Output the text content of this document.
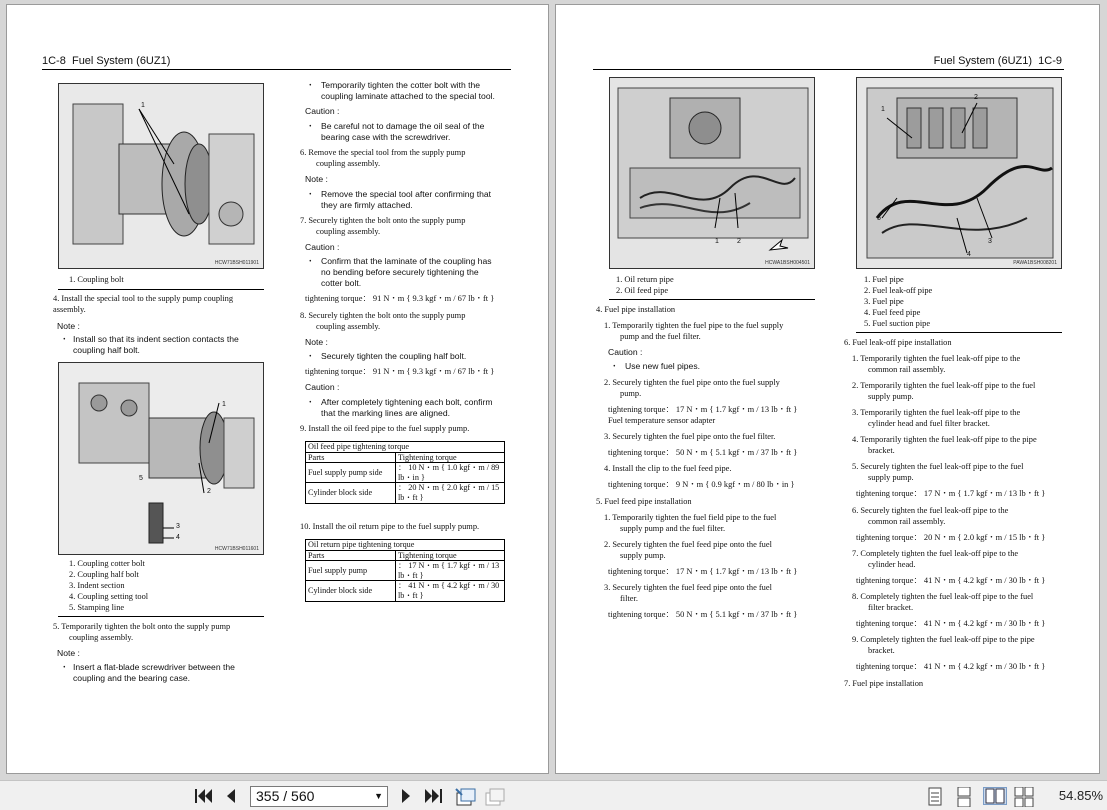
1C-8 Fuel System (6UZ1)
1
HCW71BSH011901
1. Coupling bolt
4. Install the special tool to the supply pump coupling assembly.
Note :
・ Install so that its indent section contacts the
coupling half bolt.
1
2
3
4
5
HCW71BSH011601
1. Coupling cotter bolt
2. Coupling half bolt
3. Indent section
4. Coupling setting tool
5. Stamping line
5. Temporarily tighten the bolt onto the supply pump
coupling assembly.
Note :
・ Insert a flat-blade screwdriver between the
coupling and the bearing case.
・ Temporarily tighten the cotter bolt with the
coupling laminate attached to the special tool.
Caution :
・ Be careful not to damage the oil seal of the
bearing case with the screwdriver.
6. Remove the special tool from the supply pump
coupling assembly.
Note :
・ Remove the special tool after confirming that
they are firmly attached.
7. Securely tighten the bolt onto the supply pump
coupling assembly.
Caution :
・ Confirm that the laminate of the coupling has
no bending before securely tightening the
cotter bolt.
tightening torque： 91 N・m { 9.3 kgf・m / 67 lb・ft }
8. Securely tighten the bolt onto the supply pump
coupling assembly.
Note :
・ Securely tighten the coupling half bolt.
tightening torque： 91 N・m { 9.3 kgf・m / 67 lb・ft }
Caution :
・ After completely tightening each bolt, confirm
that the marking lines are aligned.
9. Install the oil feed pipe to the fuel supply pump.
Oil feed pipe tightening torque	
Parts	Tightening torque
Fuel supply pump side	： 10 N・m { 1.0 kgf・m / 89 lb・in }
Cylinder block side	： 20 N・m { 2.0 kgf・m / 15 lb・ft }
10. Install the oil return pipe to the fuel supply pump.
Oil return pipe tightening torque	
Parts	Tightening torque
Fuel supply pump	： 17 N・m { 1.7 kgf・m / 13 lb・ft }
Cylinder block side	： 41 N・m { 4.2 kgf・m / 30 lb・ft }
Fuel System (6UZ1) 1C-9
1	2
HCWA1BSH004501
1. Oil return pipe
2. Oil feed pipe
4. Fuel pipe installation
1. Temporarily tighten the fuel pipe to the fuel supply
pump and the fuel filter.
Caution :
・ Use new fuel pipes.
2. Securely tighten the fuel pipe onto the fuel supply
pump.
tightening torque： 17 N・m { 1.7 kgf・m / 13 lb・ft }
Fuel temperature sensor adapter
3. Securely tighten the fuel pipe onto the fuel filter.
tightening torque： 50 N・m { 5.1 kgf・m / 37 lb・ft }
4. Install the clip to the fuel feed pipe.
tightening torque： 9 N・m { 0.9 kgf・m / 80 lb・in }
5. Fuel feed pipe installation
1. Temporarily tighten the fuel field pipe to the fuel
supply pump and the fuel filter.
2. Securely tighten the fuel feed pipe onto the fuel
supply pump.
tightening torque： 17 N・m { 1.7 kgf・m / 13 lb・ft }
3. Securely tighten the fuel feed pipe onto the fuel
filter.
tightening torque： 50 N・m { 5.1 kgf・m / 37 lb・ft }
1
2
3
4
5
PAWA1BSH008201
1. Fuel pipe
2. Fuel leak-off pipe
3. Fuel pipe
4. Fuel feed pipe
5. Fuel suction pipe
6. Fuel leak-off pipe installation
1. Temporarily tighten the fuel leak-off pipe to the
common rail assembly.
2. Temporarily tighten the fuel leak-off pipe to the fuel
supply pump.
3. Temporarily tighten the fuel leak-off pipe to the
cylinder head and fuel filter bracket.
4. Temporarily tighten the fuel leak-off pipe to the pipe
bracket.
5. Securely tighten the fuel leak-off pipe to the fuel
supply pump.
tightening torque： 17 N・m { 1.7 kgf・m / 13 lb・ft }
6. Securely tighten the fuel leak-off pipe to the
common rail assembly.
tightening torque： 20 N・m { 2.0 kgf・m / 15 lb・ft }
7. Completely tighten the fuel leak-off pipe to the
cylinder head.
tightening torque： 41 N・m { 4.2 kgf・m / 30 lb・ft }
8. Completely tighten the fuel leak-off pipe to the fuel
filter bracket.
tightening torque： 41 N・m { 4.2 kgf・m / 30 lb・ft }
9. Completely tighten the fuel leak-off pipe to the pipe
bracket.
tightening torque： 41 N・m { 4.2 kgf・m / 30 lb・ft }
7. Fuel pipe installation
355 / 560	▼	54.85%
